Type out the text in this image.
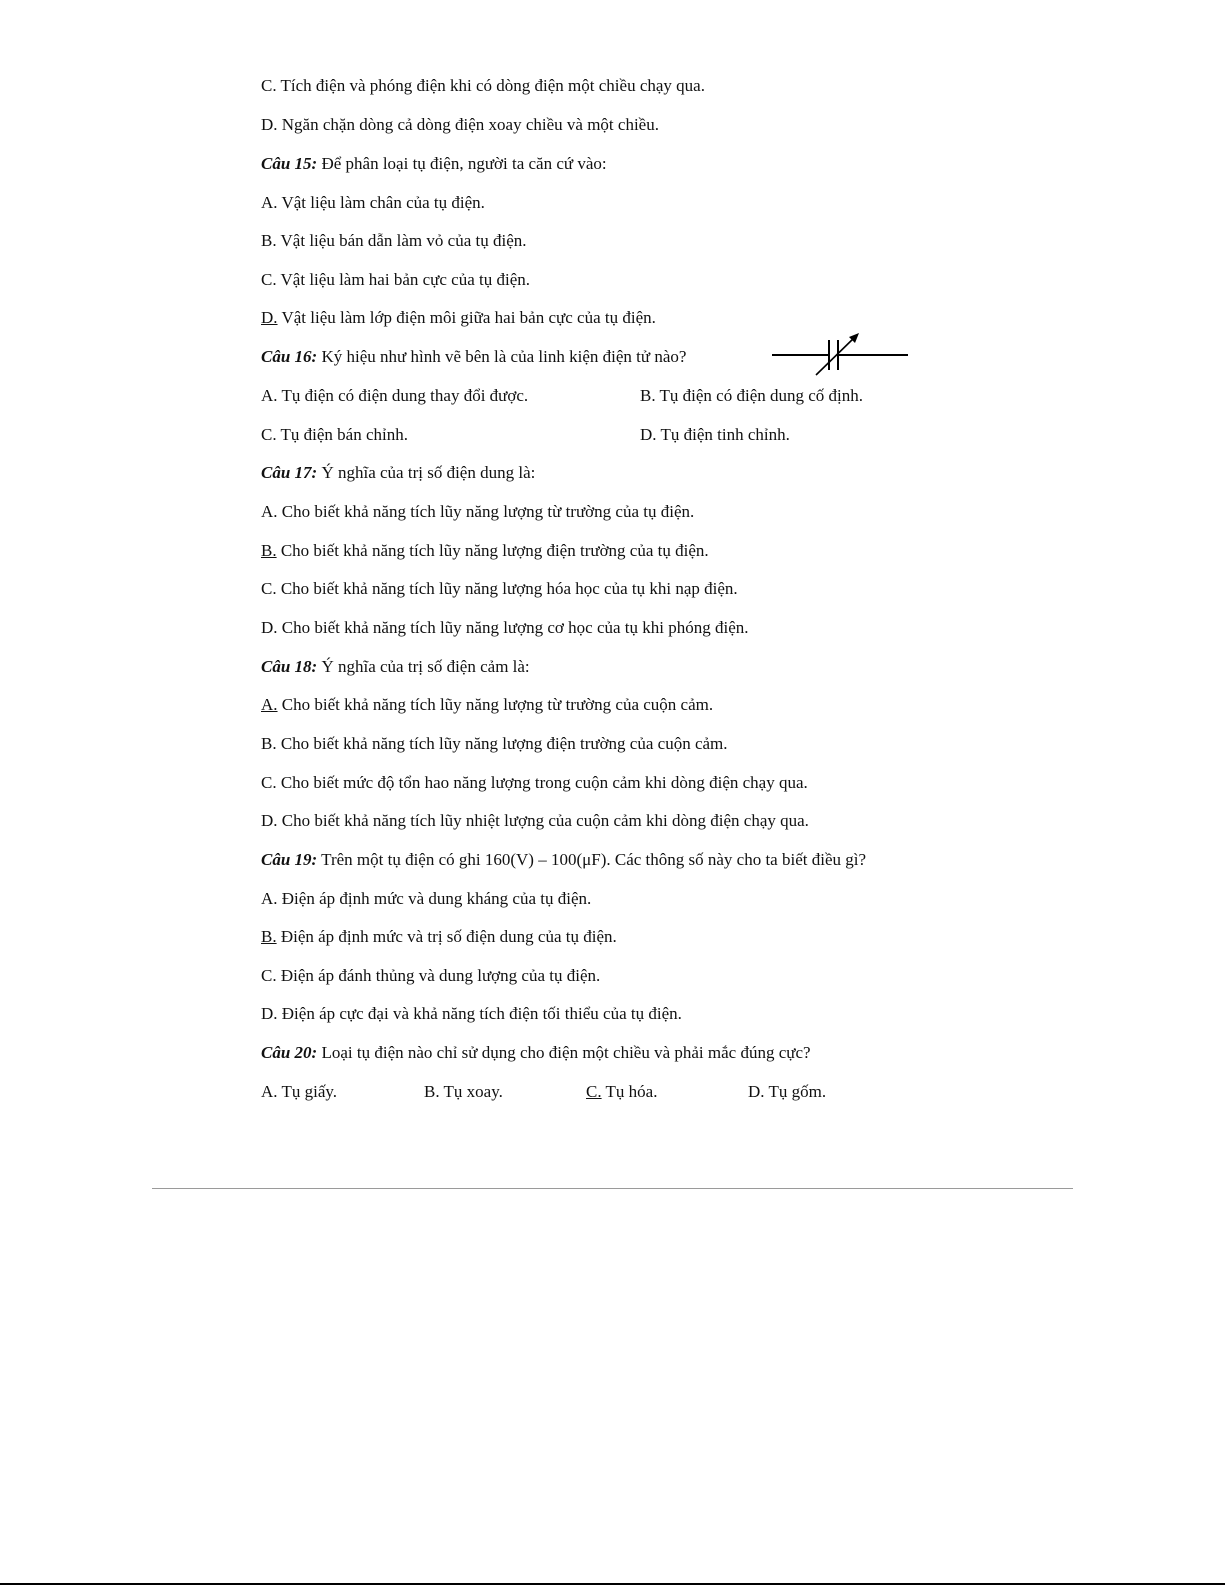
C. Tích điện và phóng điện khi có dòng điện một chiều chạy qua.
D. Ngăn chặn dòng cả dòng điện xoay chiều và một chiều.
Câu 15: Để phân loại tụ điện, người ta căn cứ vào:
A. Vật liệu làm chân của tụ điện.
B. Vật liệu bán dẫn làm vỏ của tụ điện.
C. Vật liệu làm hai bản cực của tụ điện.
D. Vật liệu làm lớp điện môi giữa hai bản cực của tụ điện.
Câu 16: Ký hiệu như hình vẽ bên là của linh kiện điện tử nào?
A. Tụ điện có điện dung thay đổi được.	B. Tụ điện có điện dung cố định.
C. Tụ điện bán chỉnh.	D. Tụ điện tinh chỉnh.
Câu 17: Ý nghĩa của trị số điện dung là:
A. Cho biết khả năng tích lũy năng lượng từ trường của tụ điện.
B. Cho biết khả năng tích lũy năng lượng điện trường của tụ điện.
C. Cho biết khả năng tích lũy năng lượng hóa học của tụ khi nạp điện.
D. Cho biết khả năng tích lũy năng lượng cơ học của tụ khi phóng điện.
Câu 18: Ý nghĩa của trị số điện cảm là:
A. Cho biết khả năng tích lũy năng lượng từ trường của cuộn cảm.
B. Cho biết khả năng tích lũy năng lượng điện trường của cuộn cảm.
C. Cho biết mức độ tổn hao năng lượng trong cuộn cảm khi dòng điện chạy qua.
D. Cho biết khả năng tích lũy nhiệt lượng của cuộn cảm khi dòng điện chạy qua.
Câu 19: Trên một tụ điện có ghi 160(V) – 100(μF). Các thông số này cho ta biết điều gì?
A. Điện áp định mức và dung kháng của tụ điện.
B. Điện áp định mức và trị số điện dung của tụ điện.
C. Điện áp đánh thủng và dung lượng của tụ điện.
D. Điện áp cực đại và khả năng tích điện tối thiểu của tụ điện.
Câu 20: Loại tụ điện nào chỉ sử dụng cho điện một chiều và phải mắc đúng cực?
A. Tụ giấy.	B. Tụ xoay.	C. Tụ hóa.	D. Tụ gốm.
